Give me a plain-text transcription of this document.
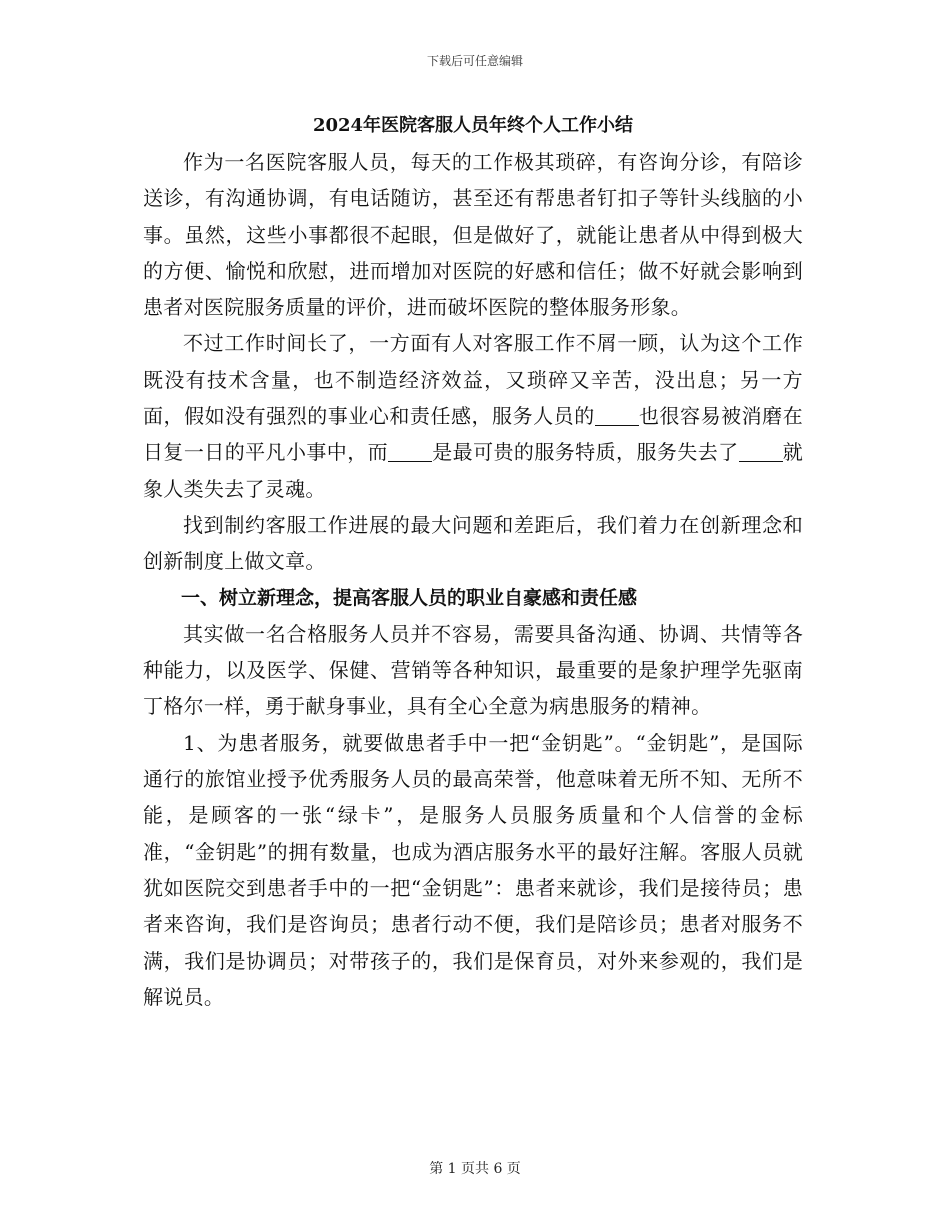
下载后可任意编辑
2024年医院客服人员年终个人工作小结

作为一名医院客服人员，每天的工作极其琐碎，有咨询分诊，有陪诊送诊，有沟通协调，有电话随访，甚至还有帮患者钉扣子等针头线脑的小事。虽然，这些小事都很不起眼，但是做好了，就能让患者从中得到极大的方便、愉悦和欣慰，进而增加对医院的好感和信任；做不好就会影响到患者对医院服务质量的评价，进而破坏医院的整体服务形象。

不过工作时间长了，一方面有人对客服工作不屑一顾，认为这个工作既没有技术含量，也不制造经济效益，又琐碎又辛苦，没出息；另一方面，假如没有强烈的事业心和责任感，服务人员的 也很容易被消磨在日复一日的平凡小事中，而 是最可贵的服务特质，服务失去了 就象人类失去了灵魂。

找到制约客服工作进展的最大问题和差距后，我们着力在创新理念和创新制度上做文章。

一、树立新理念，提高客服人员的职业自豪感和责任感

其实做一名合格服务人员并不容易，需要具备沟通、协调、共情等各种能力，以及医学、保健、营销等各种知识，最重要的是象护理学先驱南丁格尔一样，勇于献身事业，具有全心全意为病患服务的精神。

1、为患者服务，就要做患者手中一把“金钥匙”。“金钥匙”，是国际通行的旅馆业授予优秀服务人员的最高荣誉，他意味着无所不知、无所不能，是顾客的一张“绿卡”，是服务人员服务质量和个人信誉的金标准，“金钥匙”的拥有数量，也成为酒店服务水平的最好注解。客服人员就犹如医院交到患者手中的一把“金钥匙”：患者来就诊，我们是接待员；患者来咨询，我们是咨询员；患者行动不便，我们是陪诊员；患者对服务不满，我们是协调员；对带孩子的，我们是保育员，对外来参观的，我们是解说员。

第 1 页共 6 页
